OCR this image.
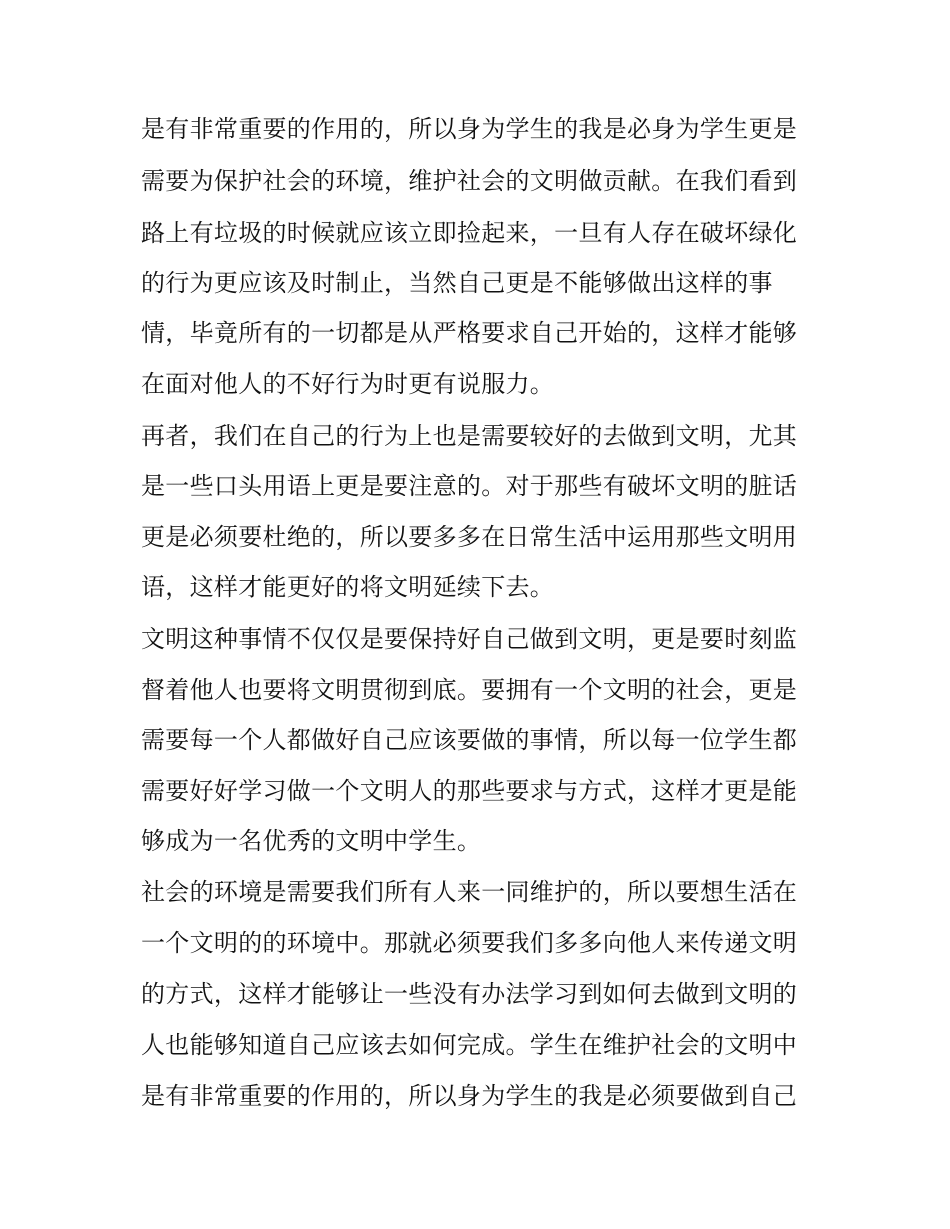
是有非常重要的作用的，所以身为学生的我是必身为学生更是

需要为保护社会的环境，维护社会的文明做贡献。在我们看到

路上有垃圾的时候就应该立即捡起来，一旦有人存在破坏绿化

的行为更应该及时制止，当然自己更是不能够做出这样的事

情，毕竟所有的一切都是从严格要求自己开始的，这样才能够

在面对他人的不好行为时更有说服力。

再者，我们在自己的行为上也是需要较好的去做到文明，尤其

是一些口头用语上更是要注意的。对于那些有破坏文明的脏话

更是必须要杜绝的，所以要多多在日常生活中运用那些文明用

语，这样才能更好的将文明延续下去。

文明这种事情不仅仅是要保持好自己做到文明，更是要时刻监

督着他人也要将文明贯彻到底。要拥有一个文明的社会，更是

需要每一个人都做好自己应该要做的事情，所以每一位学生都

需要好好学习做一个文明人的那些要求与方式，这样才更是能

够成为一名优秀的文明中学生。

社会的环境是需要我们所有人来一同维护的，所以要想生活在

一个文明的的环境中。那就必须要我们多多向他人来传递文明

的方式，这样才能够让一些没有办法学习到如何去做到文明的

人也能够知道自己应该去如何完成。学生在维护社会的文明中

是有非常重要的作用的，所以身为学生的我是必须要做到自己
